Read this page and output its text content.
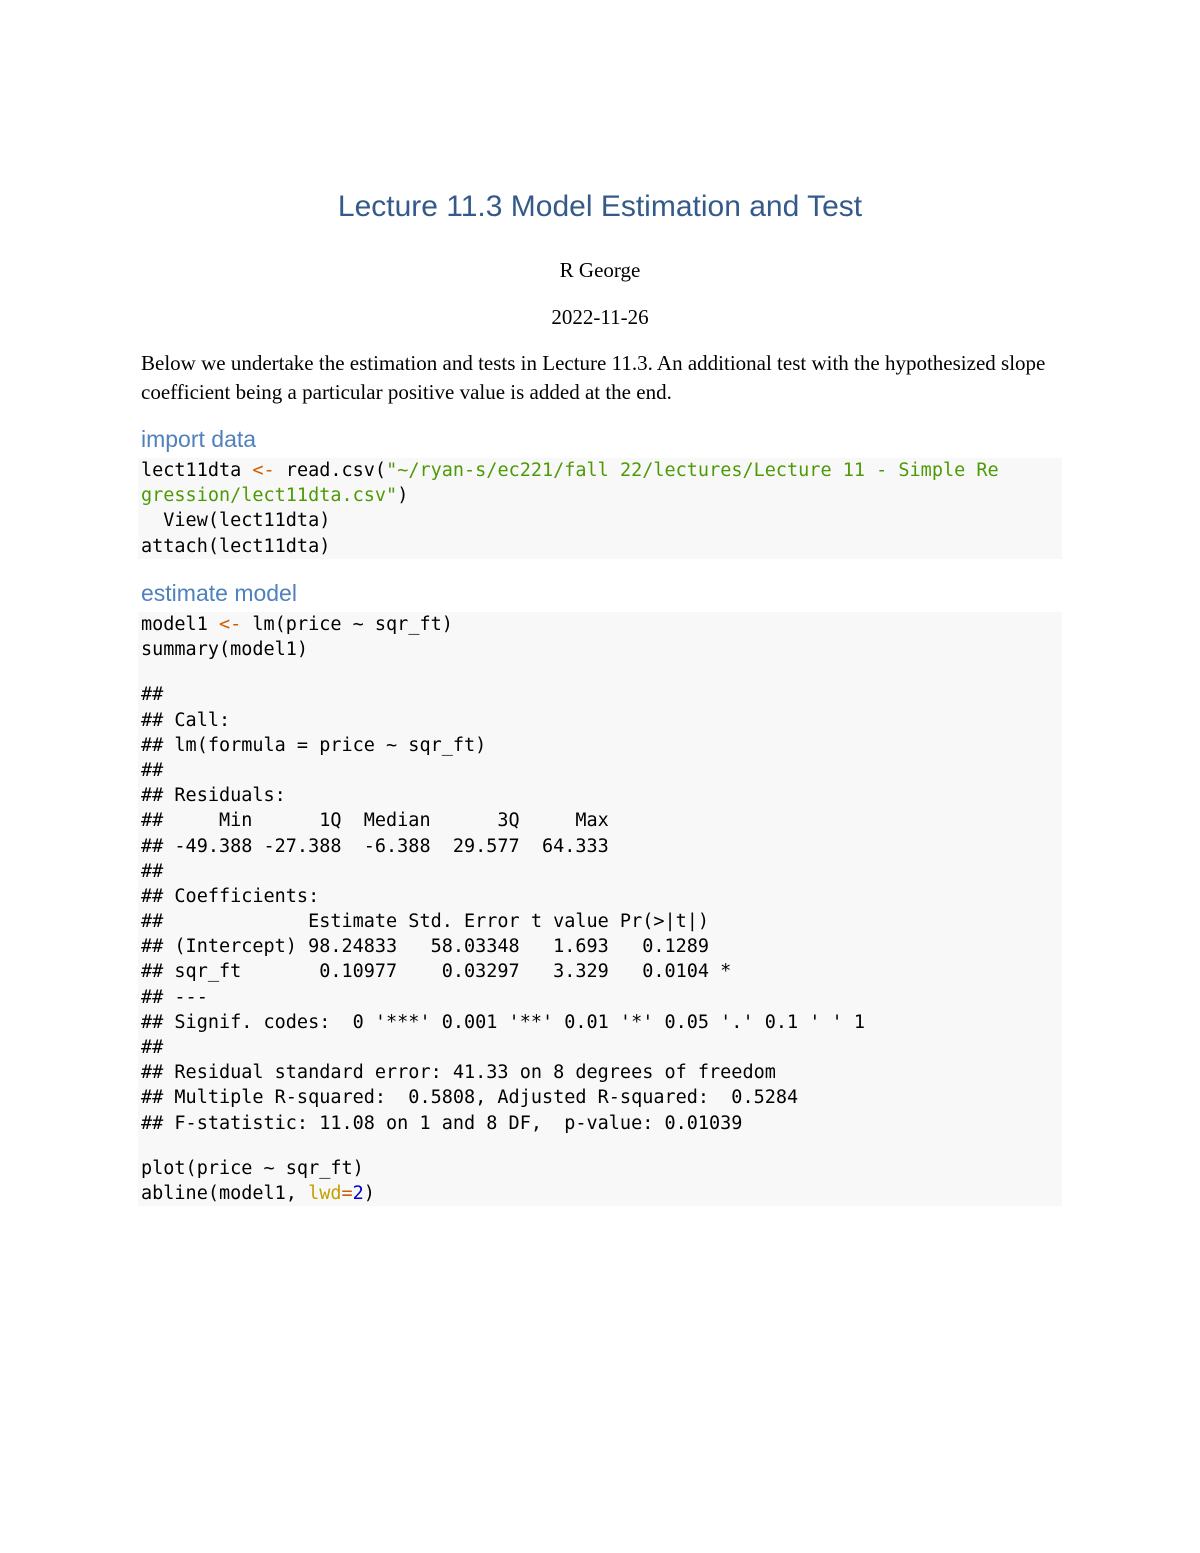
Lecture 11.3 Model Estimation and Test
R George
2022-11-26

Below we undertake the estimation and tests in Lecture 11.3. An additional test with the hypothesized slope coefficient being a particular positive value is added at the end.

import data
lect11dta <- read.csv("~/ryan-s/ec221/fall 22/lectures/Lecture 11 - Simple Re
gression/lect11dta.csv")
View(lect11dta)
attach(lect11dta)
estimate model
model1 <- lm(price ~ sqr_ft)
summary(model1)
##
## Call:
## lm(formula = price ~ sqr_ft)
##
## Residuals:
##     Min      1Q  Median      3Q     Max
## -49.388 -27.388  -6.388  29.577  64.333
##
## Coefficients:
##             Estimate Std. Error t value Pr(>|t|)
## (Intercept) 98.24833   58.03348   1.693   0.1289
## sqr_ft       0.10977    0.03297   3.329   0.0104 *
## ---
## Signif. codes:  0 '***' 0.001 '**' 0.01 '*' 0.05 '.' 0.1 ' ' 1
##
## Residual standard error: 41.33 on 8 degrees of freedom
## Multiple R-squared:  0.5808, Adjusted R-squared:  0.5284
## F-statistic: 11.08 on 1 and 8 DF,  p-value: 0.01039
plot(price ~ sqr_ft)
abline(model1, lwd=2)
